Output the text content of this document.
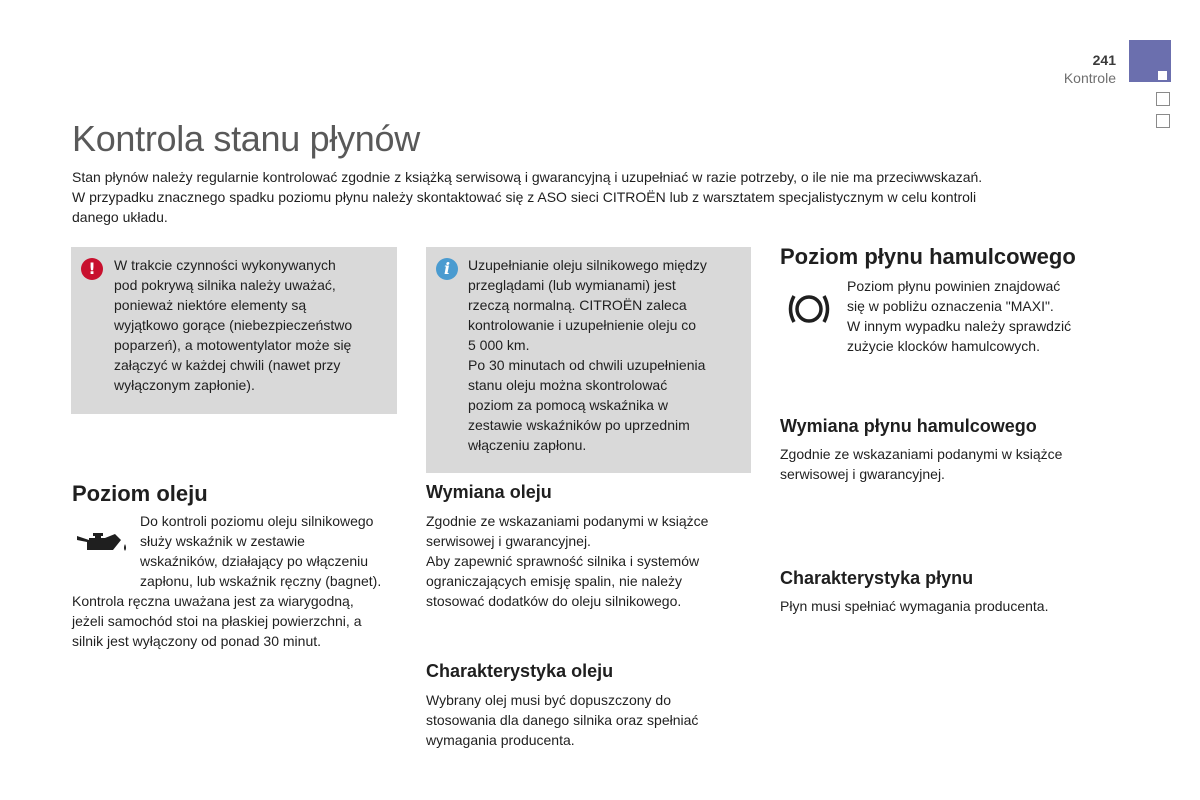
241
Kontrole
Kontrola stanu płynów

Stan płynów należy regularnie kontrolować zgodnie z książką serwisową i gwarancyjną i uzupełniać w razie potrzeby, o ile nie ma przeciwwskazań.
W przypadku znacznego spadku poziomu płynu należy skontaktować się z ASO sieci CITROËN lub z warsztatem specjalistycznym w celu kontroli
danego układu.

!	W trakcie czynności wykonywanych
pod pokrywą silnika należy uważać,
ponieważ niektóre elementy są
wyjątkowo gorące (niebezpieczeństwo
poparzeń), a motowentylator może się
załączyć w każdej chwili (nawet przy
wyłączonym zapłonie).

i	Uzupełnianie oleju silnikowego między
przeglądami (lub wymianami) jest
rzeczą normalną. CITROËN zaleca
kontrolowanie i uzupełnienie oleju co
5 000 km.
Po 30 minutach od chwili uzupełnienia
stanu oleju można skontrolować
poziom za pomocą wskaźnika w
zestawie wskaźników po uprzednim
włączeniu zapłonu.

Poziom oleju

Do kontroli poziomu oleju silnikowego
służy wskaźnik w zestawie
wskaźników, działający po włączeniu
zapłonu, lub wskaźnik ręczny (bagnet).

Kontrola ręczna uważana jest za wiarygodną,
jeżeli samochód stoi na płaskiej powierzchni, a
silnik jest wyłączony od ponad 30 minut.

Wymiana oleju

Zgodnie ze wskazaniami podanymi w książce
serwisowej i gwarancyjnej.
Aby zapewnić sprawność silnika i systemów
ograniczających emisję spalin, nie należy
stosować dodatków do oleju silnikowego.

Charakterystyka oleju

Wybrany olej musi być dopuszczony do
stosowania dla danego silnika oraz spełniać
wymagania producenta.

Poziom płynu hamulcowego

Poziom płynu powinien znajdować
się w pobliżu oznaczenia "MAXI".
W innym wypadku należy sprawdzić
zużycie klocków hamulcowych.

Wymiana płynu hamulcowego

Zgodnie ze wskazaniami podanymi w książce
serwisowej i gwarancyjnej.

Charakterystyka płynu

Płyn musi spełniać wymagania producenta.
